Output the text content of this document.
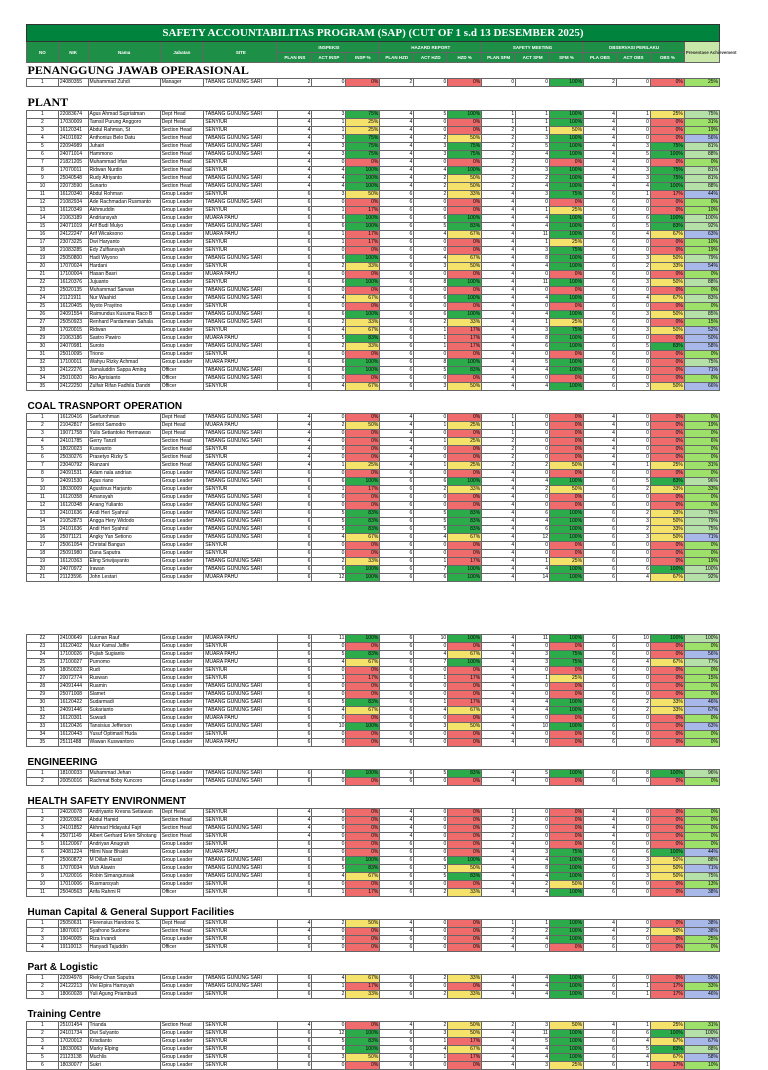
SAFETY ACCOUNTABILITAS PROGRAM (SAP) (CUT OF 1 s.d 13 DESEMBER 2025)																	
NO	NIK	Nama	Jabatan	SITE	INSPEKSI			HAZARD REPORT			SAFETY MEETING			OBSERVASI PERILAKU			Presentase Achievement
					PLAN INS	ACT INSP	INSP %	PLAN HZD	ACT HZD	HZD %	PLAN SFM	ACT SFM	SFM %	PLA OBS	ACT OBS	OBS %	
PENANGGUNG JAWAB OPERASIONAL																	
1	24080355	Muhammad Zuhdi	Manager	TABANG GUNUNG SARI	2	0	0%	2	0	0%	0	0	100%	2	0	0%	25%

PLANT																	
1	22083674	Agus Ahmad Supriatman	Dept Head	TABANG GUNUNG SARI	4	3	75%	4	5	100%	1	1	100%	4	1	25%	75%
2	17030009	Tamsil Purung Anggoro	Dept Head	SENYIUR	4	1	25%	4	0	0%	1	1	100%	4	0	0%	31%
3	16120341	Abdul Rahman, St	Section Head	SENYIUR	4	1	25%	4	0	0%	2	1	50%	4	0	0%	19%
4	24101692	Anthonius Belo Datu	Section Head	TABANG GUNUNG SARI	4	3	75%	4	2	50%	2	3	100%	4	0	0%	56%
5	22094989	Juhairi	Section Head	TABANG GUNUNG SARI	4	3	75%	4	3	75%	2	5	100%	4	3	75%	81%
6	24071014	Hammono	Section Head	TABANG GUNUNG SARI	4	3	75%	4	3	75%	2	4	100%	4	5	100%	88%
7	21821205	Muhammad Irfan	Section Head	SENYIUR	4	0	0%	4	0	0%	2	0	0%	4	0	0%	0%
8	17070011	Ridwan Nurdin	Section Head	SENYIUR	4	4	100%	4	4	100%	2	3	100%	4	3	75%	81%
9	25040548	Rudy Afriyanto	Section Head	TABANG GUNUNG SARI	4	4	100%	4	2	50%	2	2	100%	4	3	75%	81%
10	22073590	Sunarto	Section Head	TABANG GUNUNG SARI	4	4	100%	4	2	50%	2	4	100%	4	4	100%	88%
11	16120340	Abdul Rohman	Group Leader	SENYIUR	6	3	50%	6	2	33%	4	3	75%	6	1	17%	44%
12	21082934	Ade Rachmadan Rusmanto	Group Leader	TABANG GUNUNG SARI	6	0	0%	6	0	0%	4	0	0%	6	0	0%	0%
13	16120349	Akhmuddin	Group Leader	SENYIUR	6	1	17%	6	0	0%	4	1	25%	6	0	0%	10%
14	21063189	Andriansyah	Group Leader	MUARA PAHU	6	6	100%	6	6	100%	4	4	100%	6	6	100%	100%
15	24071019	Arif Budi Mulyo	Group Leader	TABANG GUNUNG SARI	6	6	100%	6	5	83%	4	4	100%	6	5	83%	92%
16	24122247	Arif Wicaksono	Group Leader	MUARA PAHU	6	1	17%	6	4	67%	4	11	100%	6	4	67%	63%
17	23073225	Dwi Haryanto	Group Leader	SENYIUR	6	1	17%	6	0	0%	4	1	25%	6	0	0%	10%
18	21083285	Edy Zulfiansyah	Group Leader	SENYIUR	6	0	0%	6	0	0%	4	3	75%	6	0	0%	19%
19	25050800	Hadi Wiyono	Group Leader	TABANG GUNUNG SARI	6	6	100%	6	4	67%	4	8	100%	6	3	50%	79%
20	17070024	Hardani	Group Leader	SENYIUR	6	2	33%	6	3	50%	4	4	100%	6	2	33%	54%
21	17100004	Hasan Basri	Group Leader	MUARA PAHU	6	0	0%	6	0	0%	4	0	0%	6	0	0%	0%
22	16120376	Jujuanto	Group Leader	SENYIUR	6	6	100%	6	8	100%	4	11	100%	6	3	50%	88%
23	25020135	Muhammad Sarwan	Group Leader	TABANG GUNUNG SARI	6	0	0%	6	0	0%	4	0	0%	6	0	0%	0%
24	21121911	Nur Waahid	Group Leader	TABANG GUNUNG SARI	6	4	67%	6	6	100%	4	4	100%	6	4	67%	83%
25	16120405	Nyoto Prayitno	Group Leader	SENYIUR	6	0	0%	6	0	0%	4	0	0%	6	0	0%	0%
26	24091554	Raimundus Kusuma Raco B	Group Leader	TABANG GUNUNG SARI	6	6	100%	6	6	100%	4	4	100%	6	3	50%	85%
27	25050923	Renhard Pardamean Sahala	Group Leader	TABANG GUNUNG SARI	6	2	33%	6	2	33%	4	1	25%	6	0	0%	15%
28	17020015	Ridwan	Group Leader	SENYIUR	6	4	67%	6	1	17%	4	3	75%	6	3	50%	52%
29	21063186	Sastro Pawiro	Group Leader	MUARA PAHU	6	5	83%	6	1	17%	4	8	100%	6	0	0%	50%
30	24070981	Suroto	Group Leader	TABANG GUNUNG SARI	6	2	33%	6	1	17%	4	6	100%	6	5	83%	58%
31	25010095	Triono	Group Leader	SENYIUR	6	0	0%	6	0	0%	4	0	0%	6	0	0%	0%
32	17100011	Wahyu Rizky Achmad	Group Leader	MUARA PAHU	6	6	100%	6	8	100%	4	5	100%	6	0	0%	75%
33	24122276	Jamaluddin Sappa Aming	Officer	TABANG GUNUNG SARI	6	6	100%	6	5	83%	4	4	100%	6	0	0%	71%
34	25010020	Rio Aprisianto	Officer	TABANG GUNUNG SARI	6	0	0%	6	0	0%	4	0	0%	6	0	0%	0%
35	24122250	Zulfair Rifan Fadhila Dandri	Officer	SENYIUR	6	4	67%	6	3	50%	4	4	100%	6	3	50%	66%

COAL TRASNPORT OPERATION																	
1	16120416	Saefurohman	Dept Head	TABANG GUNUNG SARI	4	0	0%	4	0	0%	1	0	0%	4	0	0%	0%
2	21042817	Sentot Samodro	Dept Head	MUARA PAHU	4	2	50%	4	1	25%	1	0	0%	4	0	0%	19%
3	19071758	Yulis Setiantoko Hermawan	Dept Head	TABANG GUNUNG SARI	4	0	0%	4	0	0%	1	0	0%	4	0	0%	0%
4	24101785	Gerry Tanzil	Section Head	TABANG GUNUNG SARI	4	0	0%	4	1	25%	2	0	0%	4	0	0%	6%
5	18020023	Kuswanto	Section Head	SENYIUR	4	0	0%	4	0	0%	2	0	0%	4	0	0%	0%
6	25030276	Prasetyo Rizky S	Section Head	SENYIUR	4	0	0%	4	0	0%	2	0	0%	4	0	0%	0%
7	23040792	Rianzani	Section Head	TABANG GUNUNG SARI	4	1	25%	4	1	25%	2	2	50%	4	1	25%	31%
8	24091531	Adam nala andrian	Group Leader	TABANG GUNUNG SARI	6	0	0%	6	0	0%	4	0	0%	6	0	0%	0%
9	24091530	Agus riano	Group Leader	TABANG GUNUNG SARI	6	6	100%	6	6	100%	4	4	100%	6	5	83%	96%
10	18030009	Agustinus Harjanto	Group Leader	SENYIUR	6	1	17%	6	2	33%	4	2	50%	6	2	33%	33%
11	16120358	Amansyah	Group Leader	TABANG GUNUNG SARI	6	0	0%	6	0	0%	4	0	0%	6	0	0%	0%
12	16120348	Anang Yulianto	Group Leader	TABANG GUNUNG SARI	6	0	0%	6	0	0%	4	0	0%	6	0	0%	0%
13	24101636	Andi Heri Syahrul	Group Leader	TABANG GUNUNG SARI	6	5	83%	6	5	83%	4	6	100%	6	2	33%	75%
14	21052873	Angga Hery Widodo	Group Leader	TABANG GUNUNG SARI	6	5	83%	6	5	83%	4	4	100%	6	3	50%	79%
15	24101636	Andi Heri Syahrul	Group Leader	TABANG GUNUNG SARI	6	5	83%	6	5	83%	4	6	100%	6	2	33%	75%
16	25071121	Angky Yan Setiono	Group Leader	TABANG GUNUNG SARI	6	4	67%	6	4	67%	4	12	100%	6	3	50%	71%
17	25061054	Christal Bangun	Group Leader	SENYIUR	6	0	0%	6	0	0%	4	0	0%	6	0	0%	0%
18	25091980	Dana Saputra	Group Leader	SENYIUR	6	0	0%	6	0	0%	4	0	0%	6	0	0%	0%
19	16120363	Eling Sriwijayanto	Group Leader	TABANG GUNUNG SARI	6	2	33%	6	1	17%	4	1	25%	6	0	0%	19%
20	24070972	Irawan	Group Leader	TABANG GUNUNG SARI	6	6	100%	6	7	100%	4	4	100%	6	6	100%	100%
21	21123596	John Lestari	Group Leader	MUARA PAHU	6	12	100%	6	6	100%	4	14	100%	6	4	67%	92%

22	24100649	Lukman Rauf	Group Leader	MUARA PAHU	6	11	100%	6	10	100%	4	11	100%	6	10	100%	100%
23	16120402	Nuur Kamal Jaffie	Group Leader	SENYIUR	6	0	0%	6	0	0%	4	0	0%	6	0	0%	0%
24	17100026	Pujiah Sugianto	Group Leader	MUARA PAHU	6	5	83%	6	4	67%	4	3	75%	6	0	0%	56%
25	17100027	Purnomo	Group Leader	MUARA PAHU	6	4	67%	6	7	100%	4	3	75%	6	4	67%	77%
26	18050023	Rudi	Group Leader	SENYIUR	6	0	0%	6	0	0%	4	0	0%	6	0	0%	0%
27	20072774	Ruswan	Group Leader	SENYIUR	6	1	17%	6	1	17%	4	1	25%	6	0	0%	15%
28	24091444	Ruamin	Group Leader	TABANG GUNUNG SARI	6	0	0%	6	0	0%	4	0	0%	6	0	0%	0%
29	25071008	Slamet	Group Leader	TABANG GUNUNG SARI	6	0	0%	6	0	0%	4	0	0%	6	0	0%	0%
30	16120422	Sudarmadi	Group Leader	TABANG GUNUNG SARI	6	5	83%	6	1	17%	4	4	100%	6	2	33%	46%
31	24091446	Sukarianto	Group Leader	TABANG GUNUNG SARI	6	4	67%	6	4	67%	4	4	100%	6	2	33%	67%
32	16120301	Suwadi	Group Leader	MUARA PAHU	6	0	0%	6	0	0%	4	0	0%	6	0	0%	0%
33	16120426	Tansisius Jefferson	Group Leader	TABANG GUNUNG SARI	6	10	100%	6	3	50%	4	10	100%	6	0	0%	63%
34	16120443	Yusuf Optimaril Huda	Group Leader	SENYIUR	6	0	0%	6	0	0%	4	0	0%	6	0	0%	0%
35	25111488	Wawan Kuswantoro	Group Leader	MUARA PAHU	6	0	0%	6	0	0%	4	0	0%	6	0	0%	0%

ENGINEERING																	
1	18100033	Muhammad Jehan	Group Leader	TABANG GUNUNG SARI	6	6	100%	6	5	83%	4	5	100%	6	8	100%	96%
2	20050016	Rachmat Boby Kuncoro	Group Leader	TABANG GUNUNG SARI	6	0	0%	6	0	0%	4	0	0%	6	0	0%	0%

HEALTH SAFETY ENVIRONMENT																	
1	24020078	Andriyanto Kresna Setiawan	Dept Head	SENYIUR	4	0	0%	4	0	0%	1	0	0%	4	0	0%	0%
2	23020362	Abdul Hamid	Section Head	SENYIUR	4	0	0%	4	0	0%	2	0	0%	4	0	0%	0%
3	24101852	Akhmad Hidayatul Fajri	Section Head	TABANG GUNUNG SARI	4	0	0%	4	0	0%	2	0	0%	4	0	0%	0%
4	25071149	Albert Gerhard Erlen Sihotang	Section Head	SENYIUR	4	0	0%	4	0	0%	2	0	0%	4	0	0%	0%
5	16120067	Andriyan Anugrah	Group Leader	SENYIUR	6	0	0%	6	0	0%	4	0	0%	6	0	0%	0%
6	24081224	Hilmi Nsar Bhakti	Group Leader	MUARA PAHU	6	0	0%	6	0	0%	4	3	75%	6	6	100%	44%
7	25060872	M Dillah Rasid	Group Leader	TABANG GUNUNG SARI	6	6	100%	6	6	100%	4	4	100%	6	3	50%	88%
8	17070034	Muh Alawin	Group Leader	TABANG GUNUNG SARI	6	5	83%	6	3	50%	4	8	100%	6	3	50%	71%
9	17020016	Robin Simangunsak	Group Leader	TABANG GUNUNG SARI	6	4	67%	6	5	83%	4	4	100%	6	3	50%	75%
10	17010006	Rusmansyah	Group Leader	SENYIUR	6	0	0%	6	0	0%	4	2	50%	6	0	0%	13%
11	25040563	Arifa Rahmi R	Officer	SENYIUR	6	1	17%	6	2	33%	4	4	100%	6	0	0%	38%

Human Capital & General Support Facilities																	
1	25050631	Florensius Handono S.	Dept Head	SENYIUR	4	2	50%	4	0	0%	1	1	100%	4	0	0%	38%
2	18070017	Syafrono Sudomo	Section Head	SENYIUR	4	0	0%	4	0	0%	2	2	100%	4	2	50%	38%
3	19040005	Riza Irvandi	Group Leader	SENYIUR	6	0	0%	6	0	0%	4	4	100%	6	0	0%	25%
4	19110013	Hanyadi Tajuddin	Officer	SENYIUR	6	0	0%	6	0	0%	4	0	0%	6	0	0%	0%

Part & Logistic																	
1	22094978	Rieky Chan Saputra	Group Leader	TABANG GUNUNG SARI	6	4	67%	6	2	33%	4	4	100%	6	0	0%	50%
2	24122213	Vivi Elpira Hamsyah	Group Leader	TABANG GUNUNG SARI	6	1	17%	6	0	0%	4	4	100%	6	1	17%	33%
3	18060028	Yuli Agung Priambudi	Group Leader	SENYIUR	6	2	33%	6	2	33%	4	4	100%	6	1	17%	46%

Training Centre																	
1	25101454	Trianda	Section Head	SENYIUR	4	0	0%	4	2	50%	2	3	50%	4	1	25%	31%
2	24101734	Dwi Sulyanto	Group Leader	SENYIUR	6	12	100%	6	3	50%	4	11	100%	6	6	100%	100%
3	17020012	Krisdianto	Group Leader	SENYIUR	6	5	83%	6	1	17%	4	5	100%	6	4	67%	67%
4	18030063	Marky Elping	Group Leader	SENYIUR	6	6	100%	6	4	67%	4	4	100%	6	5	83%	88%
5	21123138	Muchlis	Group Leader	SENYIUR	6	3	50%	6	1	17%	4	4	100%	6	4	67%	58%
6	18030077	Sukri	Group Leader	SENYIUR	6	0	0%	6	0	0%	4	3	25%	6	1	17%	10%
